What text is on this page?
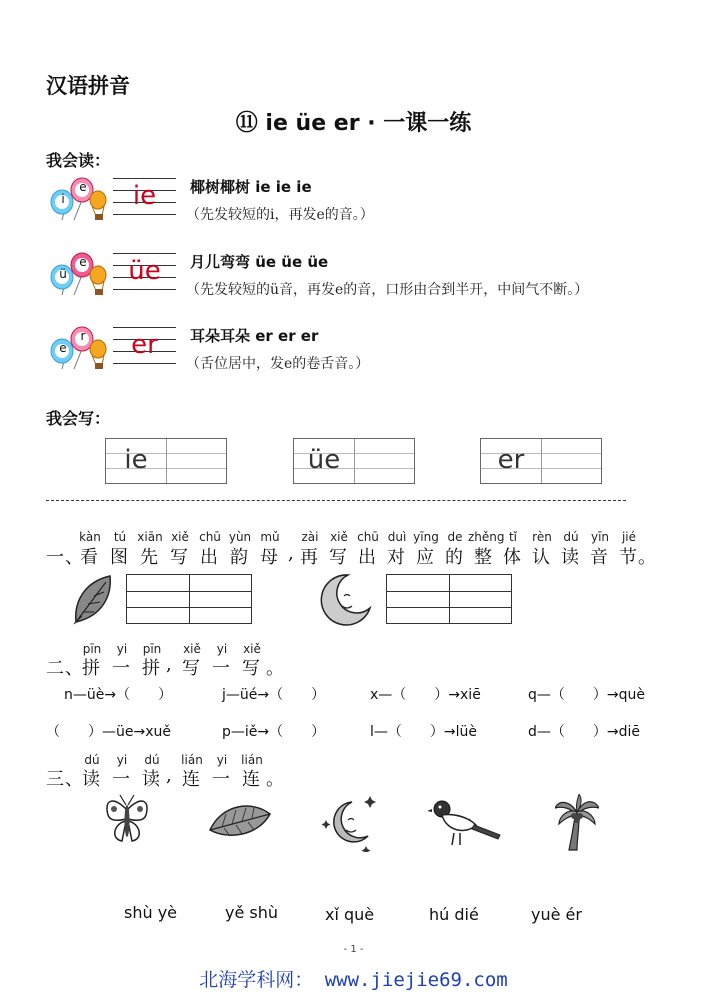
汉语拼音
⑪ ie üe er · 一课一练
我会读：
i
e	ie	椰树椰树 ie ie ie
（先发较短的i，再发e的音。）
ü
e	üe	月儿弯弯 üe üe üe
（先发较短的ü音，再发e的音，口形由合到半开，中间气不断。）
e
r	er	耳朵耳朵 er er er
（舌位居中，发e的卷舌音。）
我会写：
ie	üe	er
一、
看
kàn
图
tú
先
xiān
写
xiě
出
chū
韵
yùn
母
mǔ
, 再
zài
写
xiě
出
chū
对
duì
应
yīng
的
de
整
zhěng
体
tǐ
认
rèn
读
dú
音
yīn
节
jié
。
二、
拼
pīn
一
yi
拼
pīn
, 写
xiě
一
yi
写
xiě
。
n—üè→（　　）	j—üé→（　　）	x—（　　）→xiē	q—（　　）→què
（　　）—üe→xuě	p—iě→（　　）	l—（　　）→lüè	d—（　　）→diē
三、
读
dú
一
yi
读
dú
, 连
lián
一
yi
连
lián
。
shù yè	yě shù	xǐ què	hú dié	yuè ér
- 1 -
北海学科网： www.jiejie69.com
